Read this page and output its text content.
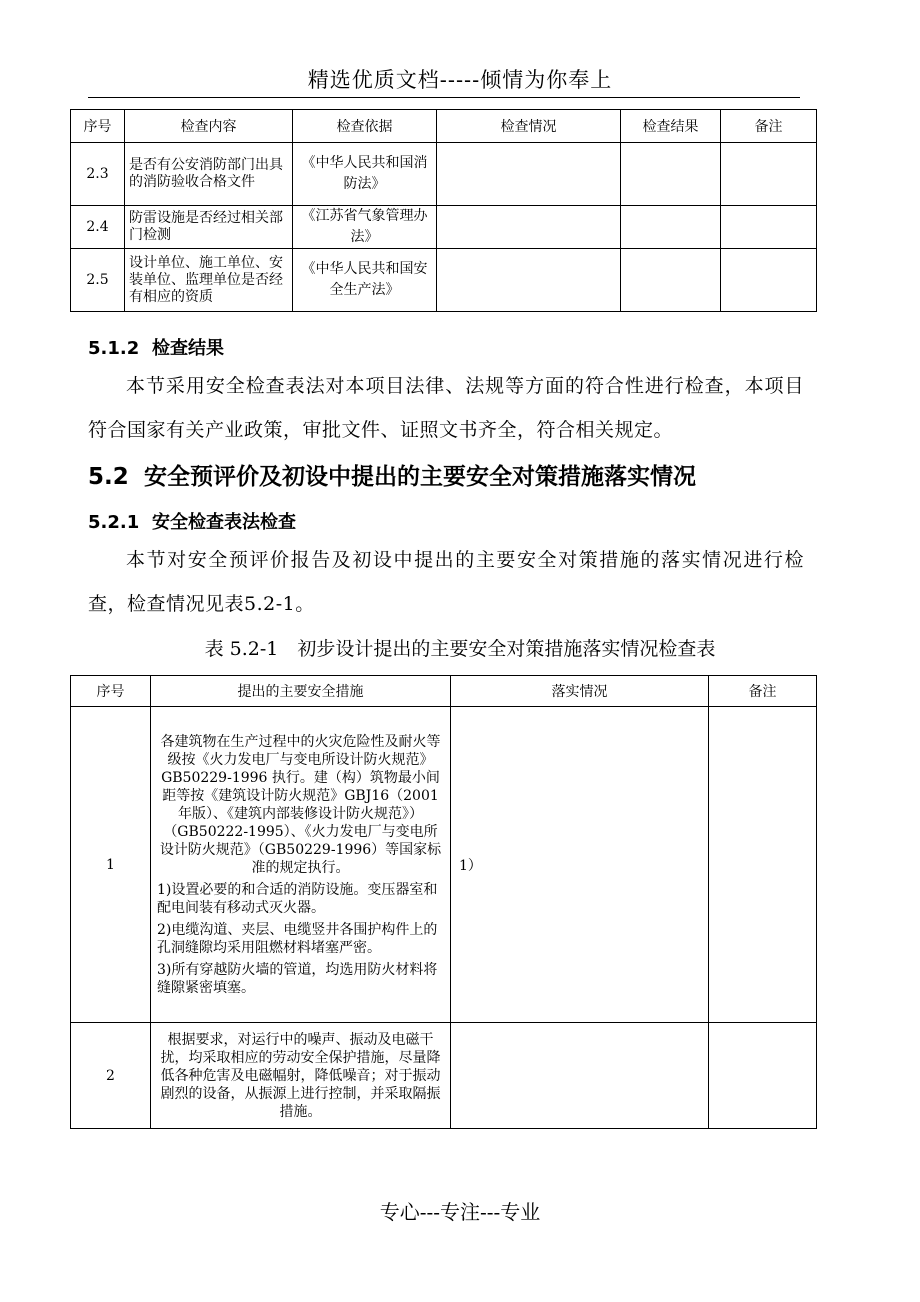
精选优质文档-----倾情为你奉上
序号	检查内容	检查依据	检查情况	检查结果	备注
2.3	是否有公安消防部门出具的消防验收合格文件	《中华人民共和国消防法》			
2.4	防雷设施是否经过相关部门检测	《江苏省气象管理办法》			
2.5	设计单位、施工单位、安装单位、监理单位是否经有相应的资质	《中华人民共和国安全生产法》			
5.1.2 检查结果
本节采用安全检查表法对本项目法律、法规等方面的符合性进行检查，本项目符合国家有关产业政策，审批文件、证照文书齐全，符合相关规定。
5.2 安全预评价及初设中提出的主要安全对策措施落实情况
5.2.1 安全检查表法检查
本节对安全预评价报告及初设中提出的主要安全对策措施的落实情况进行检查，检查情况见表5.2-1。
表 5.2-1　初步设计提出的主要安全对策措施落实情况检查表
序号	提出的主要安全措施	落实情况	备注
1	各建筑物在生产过程中的火灾危险性及耐火等级按《火力发电厂与变电所设计防火规范》GB50229-1996 执行。建（构）筑物最小间距等按《建筑设计防火规范》GBJ16（2001 年版）、《建筑内部装修设计防火规范》）（GB50222-1995）、《火力发电厂与变电所设计防火规范》（GB50229-1996）等国家标准的规定执行。
1)设置必要的和合适的消防设施。变压器室和配电间装有移动式灭火器。
2)电缆沟道、夹层、电缆竖井各围护构件上的孔洞缝隙均采用阻燃材料堵塞严密。
3)所有穿越防火墙的管道，均选用防火材料将缝隙紧密填塞。	1）	
2	根据要求，对运行中的噪声、振动及电磁干扰，均采取相应的劳动安全保护措施，尽量降低各种危害及电磁幅射，降低噪音；对于振动剧烈的设备，从振源上进行控制，并采取隔振措施。		
专心---专注---专业
